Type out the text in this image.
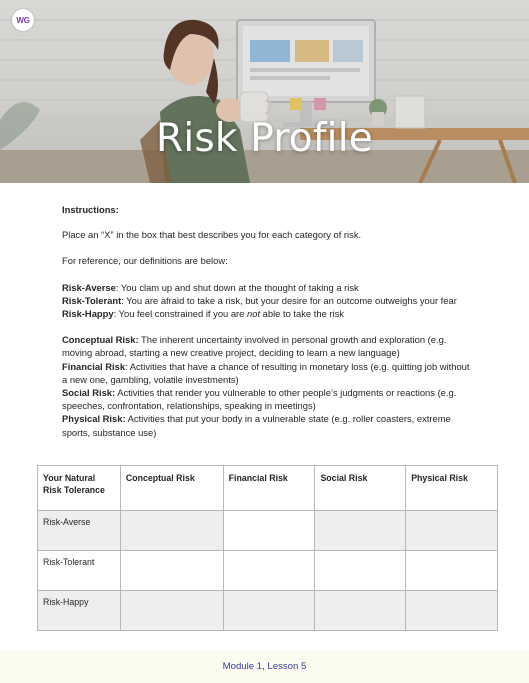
WG
Risk Profile

Instructions:

Place an “X” in the box that best describes you for each category of risk.

For reference, our definitions are below:

Risk-Averse: You clam up and shut down at the thought of taking a risk

Risk-Tolerant: You are afraid to take a risk, but your desire for an outcome outweighs your fear

Risk-Happy: You feel constrained if you are not able to take the risk

Conceptual Risk: The inherent uncertainty involved in personal growth and exploration (e.g. moving abroad, starting a new creative project, deciding to learn a new language)

Financial Risk: Activities that have a chance of resulting in monetary loss (e.g. quitting job without a new one, gambling, volatile investments)

Social Risk: Activities that render you vulnerable to other people’s judgments or reactions (e.g. speeches, confrontation, relationships, speaking in meetings)

Physical Risk: Activities that put your body in a vulnerable state (e.g. roller coasters, extreme sports, substance use)

Your Natural Risk Tolerance	Conceptual Risk	Financial Risk	Social Risk	Physical Risk
Risk-Averse				
Risk-Tolerant				
Risk-Happy				
Module 1, Lesson 5
